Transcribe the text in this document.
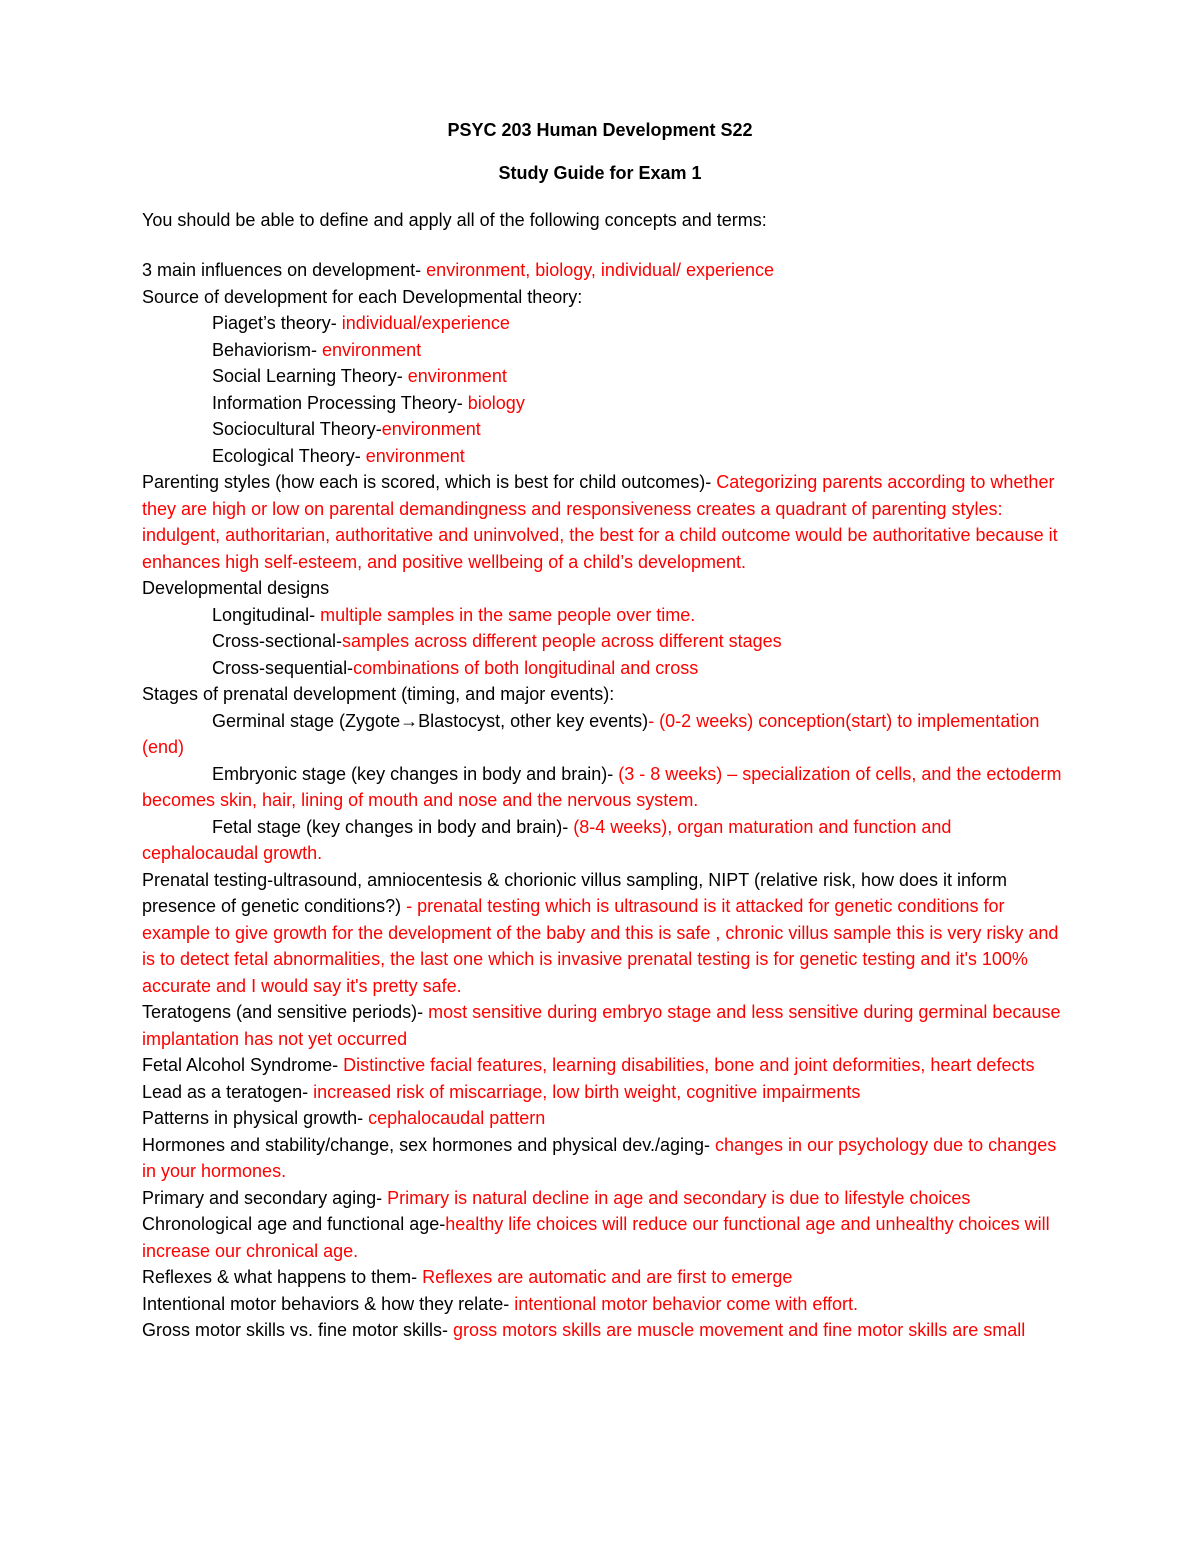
PSYC 203 Human Development S22
Study Guide for Exam 1
You should be able to define and apply all of the following concepts and terms:

3 main influences on development- environment, biology, individual/ experience

Source of development for each Developmental theory:

Piaget’s theory- individual/experience

Behaviorism- environment

Social Learning Theory- environment

Information Processing Theory- biology

Sociocultural Theory-environment

Ecological Theory- environment

Parenting styles (how each is scored, which is best for child outcomes)- Categorizing parents according to whether they are high or low on parental demandingness and responsiveness creates a quadrant of parenting styles: indulgent, authoritarian, authoritative and uninvolved, the best for a child outcome would be authoritative because it enhances high self-esteem, and positive wellbeing of a child’s development.

Developmental designs

Longitudinal- multiple samples in the same people over time.

Cross-sectional-samples across different people across different stages

Cross-sequential-combinations of both longitudinal and cross

Stages of prenatal development (timing, and major events):

Germinal stage (Zygote→Blastocyst, other key events)- (0-2 weeks) conception(start) to implementation (end)

Embryonic stage (key changes in body and brain)- (3 - 8 weeks) – specialization of cells, and the ectoderm becomes skin, hair, lining of mouth and nose and the nervous system.

Fetal stage (key changes in body and brain)- (8-4 weeks), organ maturation and function and cephalocaudal growth.

Prenatal testing-ultrasound, amniocentesis & chorionic villus sampling, NIPT (relative risk, how does it inform presence of genetic conditions?) - prenatal testing which is ultrasound is it attacked for genetic conditions for example to give growth for the development of the baby and this is safe , chronic villus sample this is very risky and is to detect fetal abnormalities, the last one which is invasive prenatal testing is for genetic testing and it's 100% accurate and I would say it's pretty safe.

Teratogens (and sensitive periods)- most sensitive during embryo stage and less sensitive during germinal because implantation has not yet occurred

Fetal Alcohol Syndrome- Distinctive facial features, learning disabilities, bone and joint deformities, heart defects

Lead as a teratogen- increased risk of miscarriage, low birth weight, cognitive impairments

Patterns in physical growth- cephalocaudal pattern

Hormones and stability/change, sex hormones and physical dev./aging- changes in our psychology due to changes in your hormones.

Primary and secondary aging- Primary is natural decline in age and secondary is due to lifestyle choices

Chronological age and functional age-healthy life choices will reduce our functional age and unhealthy choices will increase our chronical age.

Reflexes & what happens to them- Reflexes are automatic and are first to emerge

Intentional motor behaviors & how they relate- intentional motor behavior come with effort.

Gross motor skills vs. fine motor skills- gross motors skills are muscle movement and fine motor skills are small
